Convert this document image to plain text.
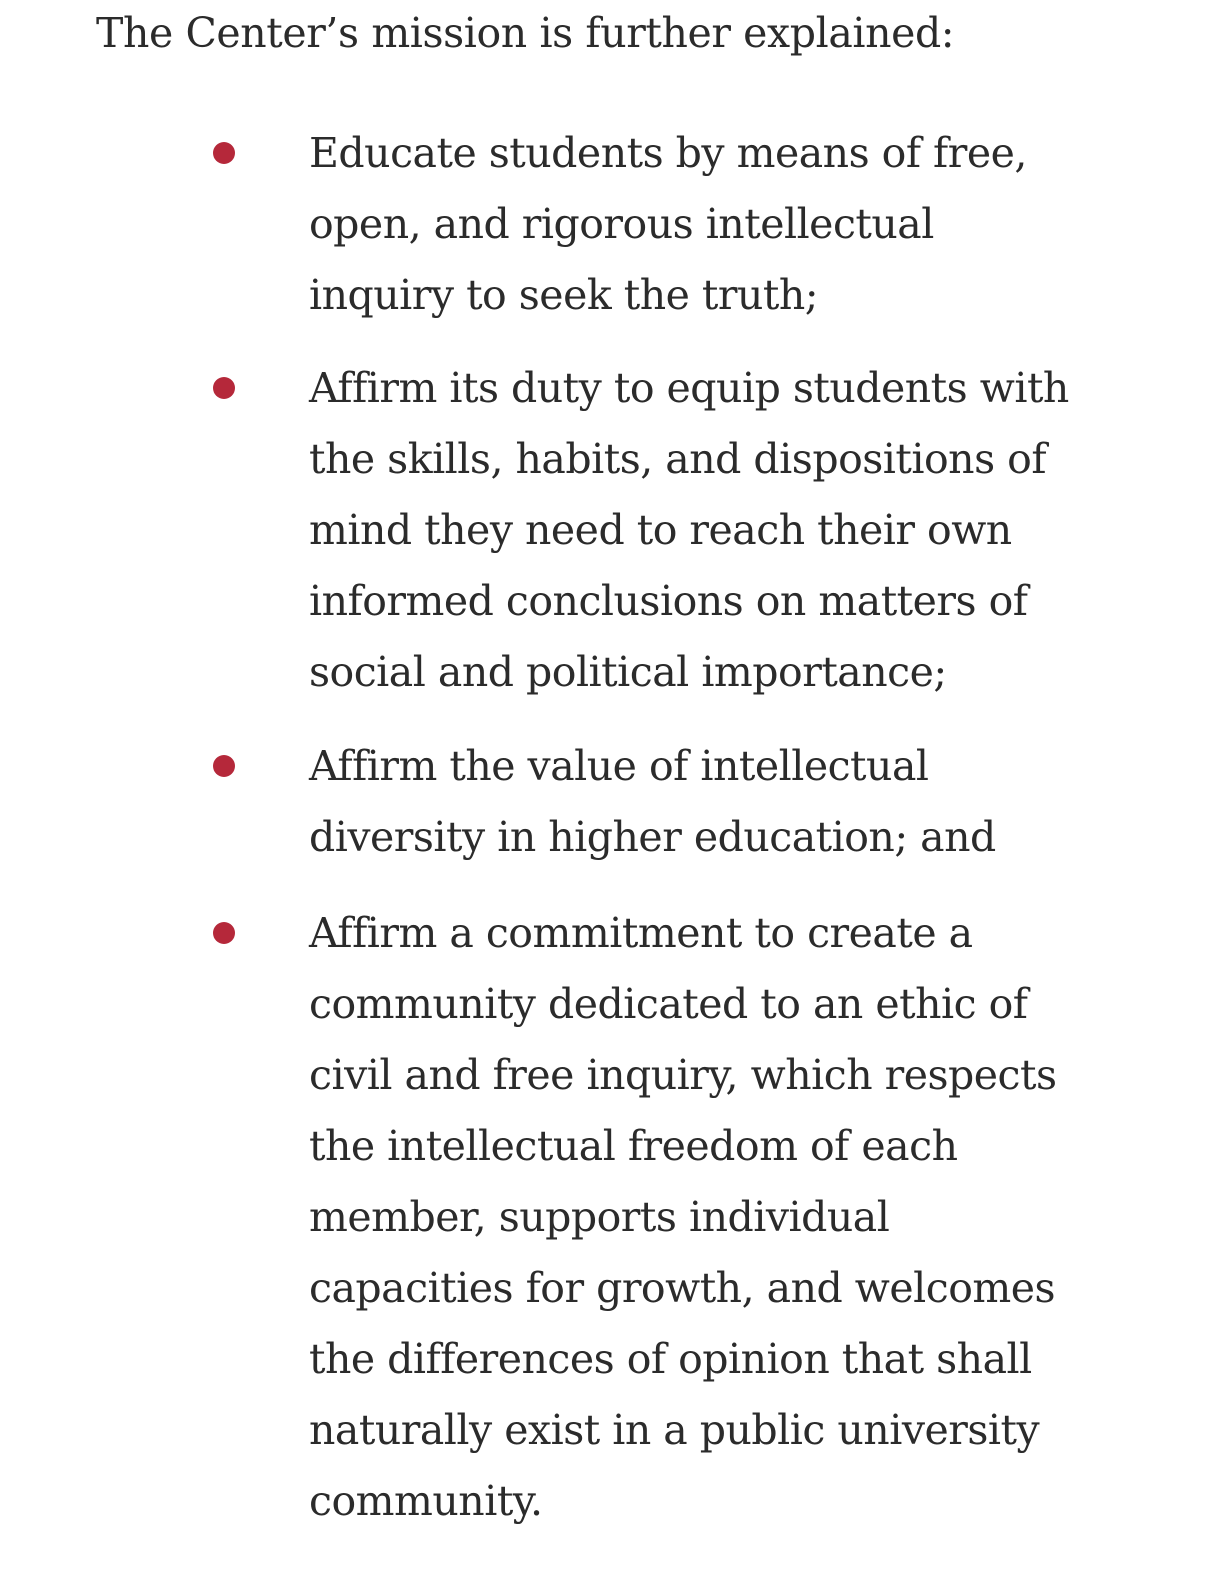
The Center’s mission is further explained:

Educate students by means of free,
open, and rigorous intellectual
inquiry to seek the truth;

Affirm its duty to equip students with
the skills, habits, and dispositions of
mind they need to reach their own
informed conclusions on matters of
social and political importance;

Affirm the value of intellectual
diversity in higher education; and

Affirm a commitment to create a
community dedicated to an ethic of
civil and free inquiry, which respects
the intellectual freedom of each
member, supports individual
capacities for growth, and welcomes
the differences of opinion that shall
naturally exist in a public university
community.
